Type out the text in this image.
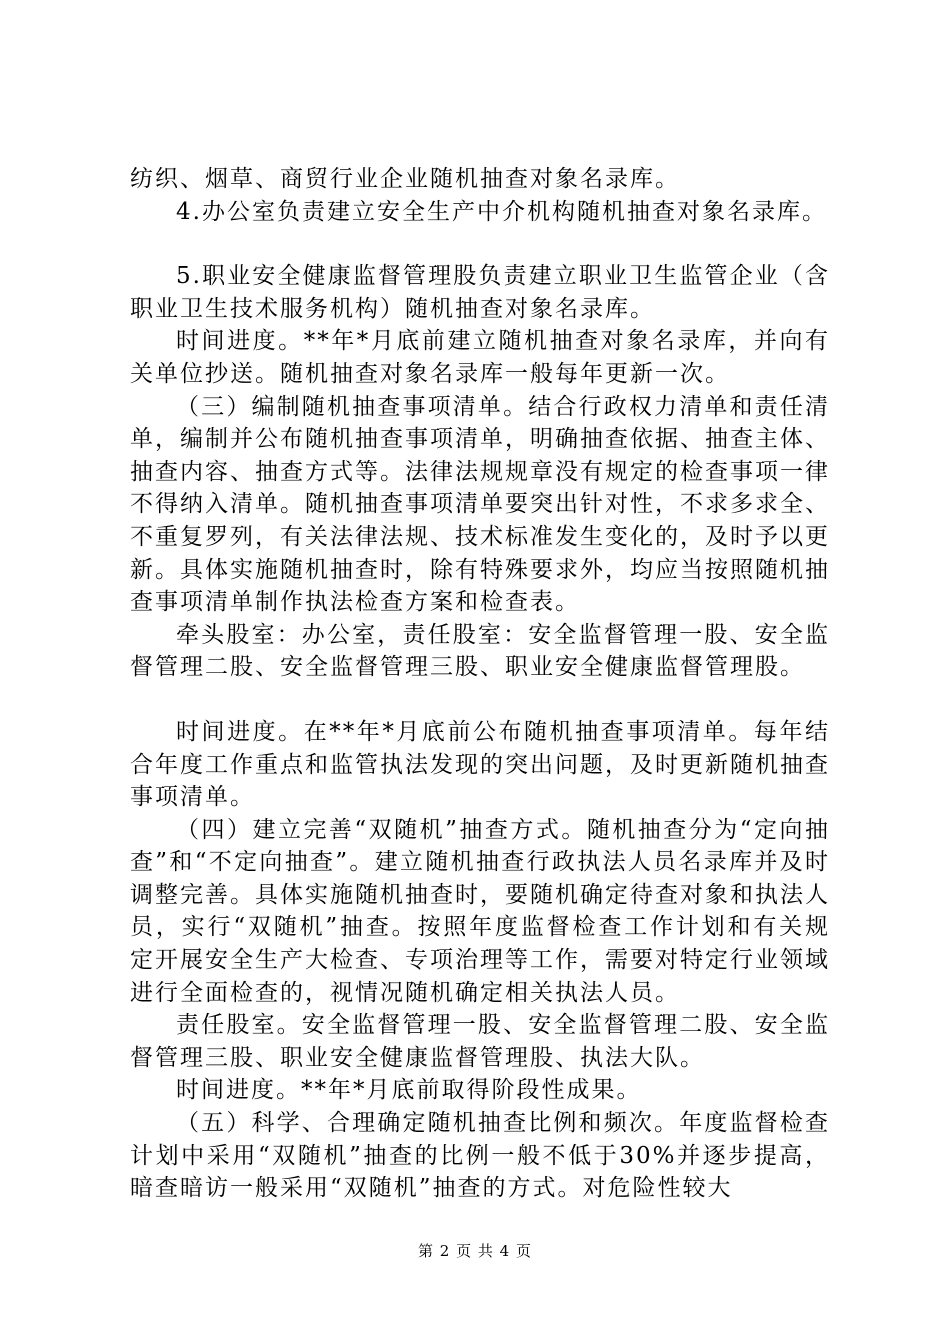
纺织、烟草、商贸行业企业随机抽查对象名录库。

4.办公室负责建立安全生产中介机构随机抽查对象名录库。

5.职业安全健康监督管理股负责建立职业卫生监管企业（含职业卫生技术服务机构）随机抽查对象名录库。

时间进度。**年*月底前建立随机抽查对象名录库，并向有关单位抄送。随机抽查对象名录库一般每年更新一次。

（三）编制随机抽查事项清单。结合行政权力清单和责任清单，编制并公布随机抽查事项清单，明确抽查依据、抽查主体、抽查内容、抽查方式等。法律法规规章没有规定的检查事项一律不得纳入清单。随机抽查事项清单要突出针对性，不求多求全、不重复罗列，有关法律法规、技术标准发生变化的，及时予以更新。具体实施随机抽查时，除有特殊要求外，均应当按照随机抽查事项清单制作执法检查方案和检查表。

牵头股室：办公室，责任股室：安全监督管理一股、安全监督管理二股、安全监督管理三股、职业安全健康监督管理股。

时间进度。在**年*月底前公布随机抽查事项清单。每年结合年度工作重点和监管执法发现的突出问题，及时更新随机抽查事项清单。

（四）建立完善“双随机”抽查方式。随机抽查分为“定向抽查”和“不定向抽查”。建立随机抽查行政执法人员名录库并及时调整完善。具体实施随机抽查时，要随机确定待查对象和执法人员，实行“双随机”抽查。按照年度监督检查工作计划和有关规定开展安全生产大检查、专项治理等工作，需要对特定行业领域进行全面检查的，视情况随机确定相关执法人员。

责任股室。安全监督管理一股、安全监督管理二股、安全监督管理三股、职业安全健康监督管理股、执法大队。

时间进度。**年*月底前取得阶段性成果。

（五）科学、合理确定随机抽查比例和频次。年度监督检查计划中采用“双随机”抽查的比例一般不低于30%并逐步提高，暗查暗访一般采用“双随机”抽查的方式。对危险性较大

第 2 页 共 4 页
